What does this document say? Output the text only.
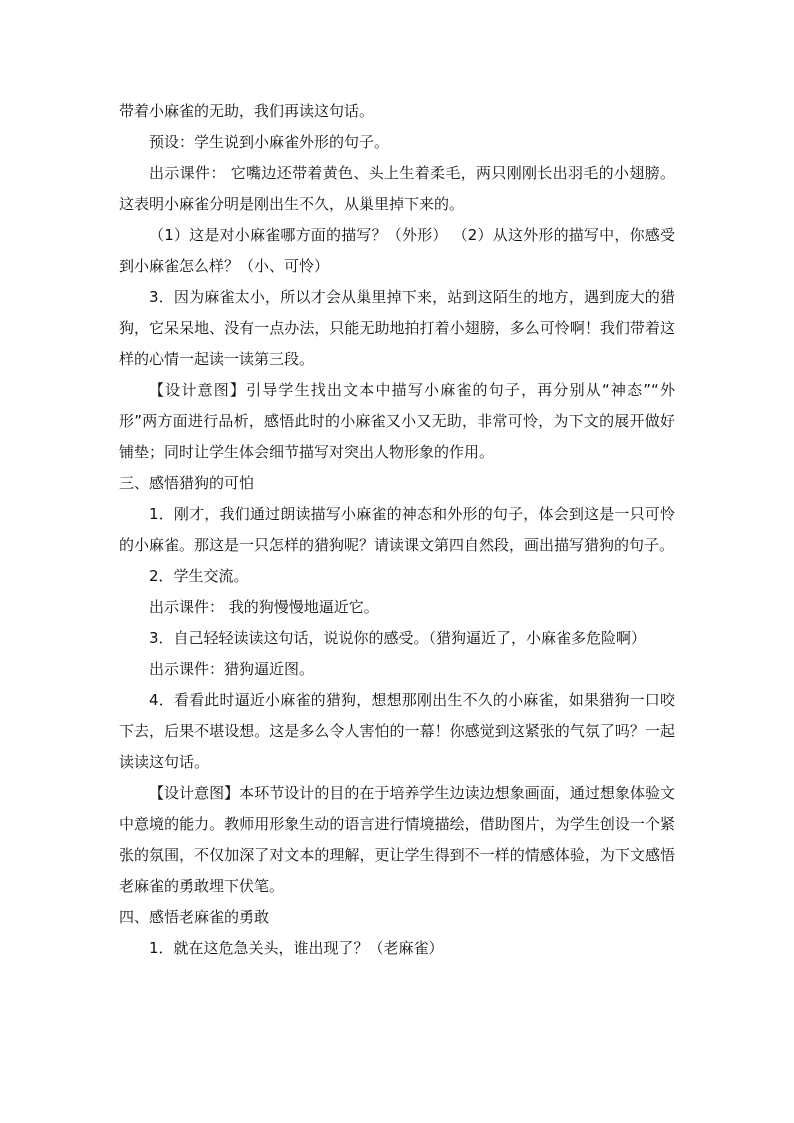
带着小麻雀的无助，我们再读这句话。

预设：学生说到小麻雀外形的句子。

出示课件： 它嘴边还带着黄色、头上生着柔毛，两只刚刚长出羽毛的小翅膀。这表明小麻雀分明是刚出生不久，从巢里掉下来的。

（1）这是对小麻雀哪方面的描写？（外形） （2）从这外形的描写中，你感受到小麻雀怎么样？（小、可怜）

3．因为麻雀太小，所以才会从巢里掉下来，站到这陌生的地方，遇到庞大的猎狗，它呆呆地、没有一点办法，只能无助地拍打着小翅膀，多么可怜啊！我们带着这样的心情一起读一读第三段。

【设计意图】引导学生找出文本中描写小麻雀的句子，再分别从“神态”“外形”两方面进行品析，感悟此时的小麻雀又小又无助，非常可怜，为下文的展开做好铺垫；同时让学生体会细节描写对突出人物形象的作用。

三、感悟猎狗的可怕

1．刚才，我们通过朗读描写小麻雀的神态和外形的句子，体会到这是一只可怜的小麻雀。那这是一只怎样的猎狗呢？请读课文第四自然段，画出描写猎狗的句子。

2．学生交流。

出示课件： 我的狗慢慢地逼近它。

3．自己轻轻读读这句话，说说你的感受。（猎狗逼近了，小麻雀多危险啊）

出示课件：猎狗逼近图。

4．看看此时逼近小麻雀的猎狗，想想那刚出生不久的小麻雀，如果猎狗一口咬下去，后果不堪设想。这是多么令人害怕的一幕！你感觉到这紧张的气氛了吗？一起读读这句话。

【设计意图】本环节设计的目的在于培养学生边读边想象画面，通过想象体验文中意境的能力。教师用形象生动的语言进行情境描绘，借助图片，为学生创设一个紧张的氛围，不仅加深了对文本的理解，更让学生得到不一样的情感体验，为下文感悟老麻雀的勇敢埋下伏笔。

四、感悟老麻雀的勇敢

1．就在这危急关头，谁出现了？（老麻雀）
